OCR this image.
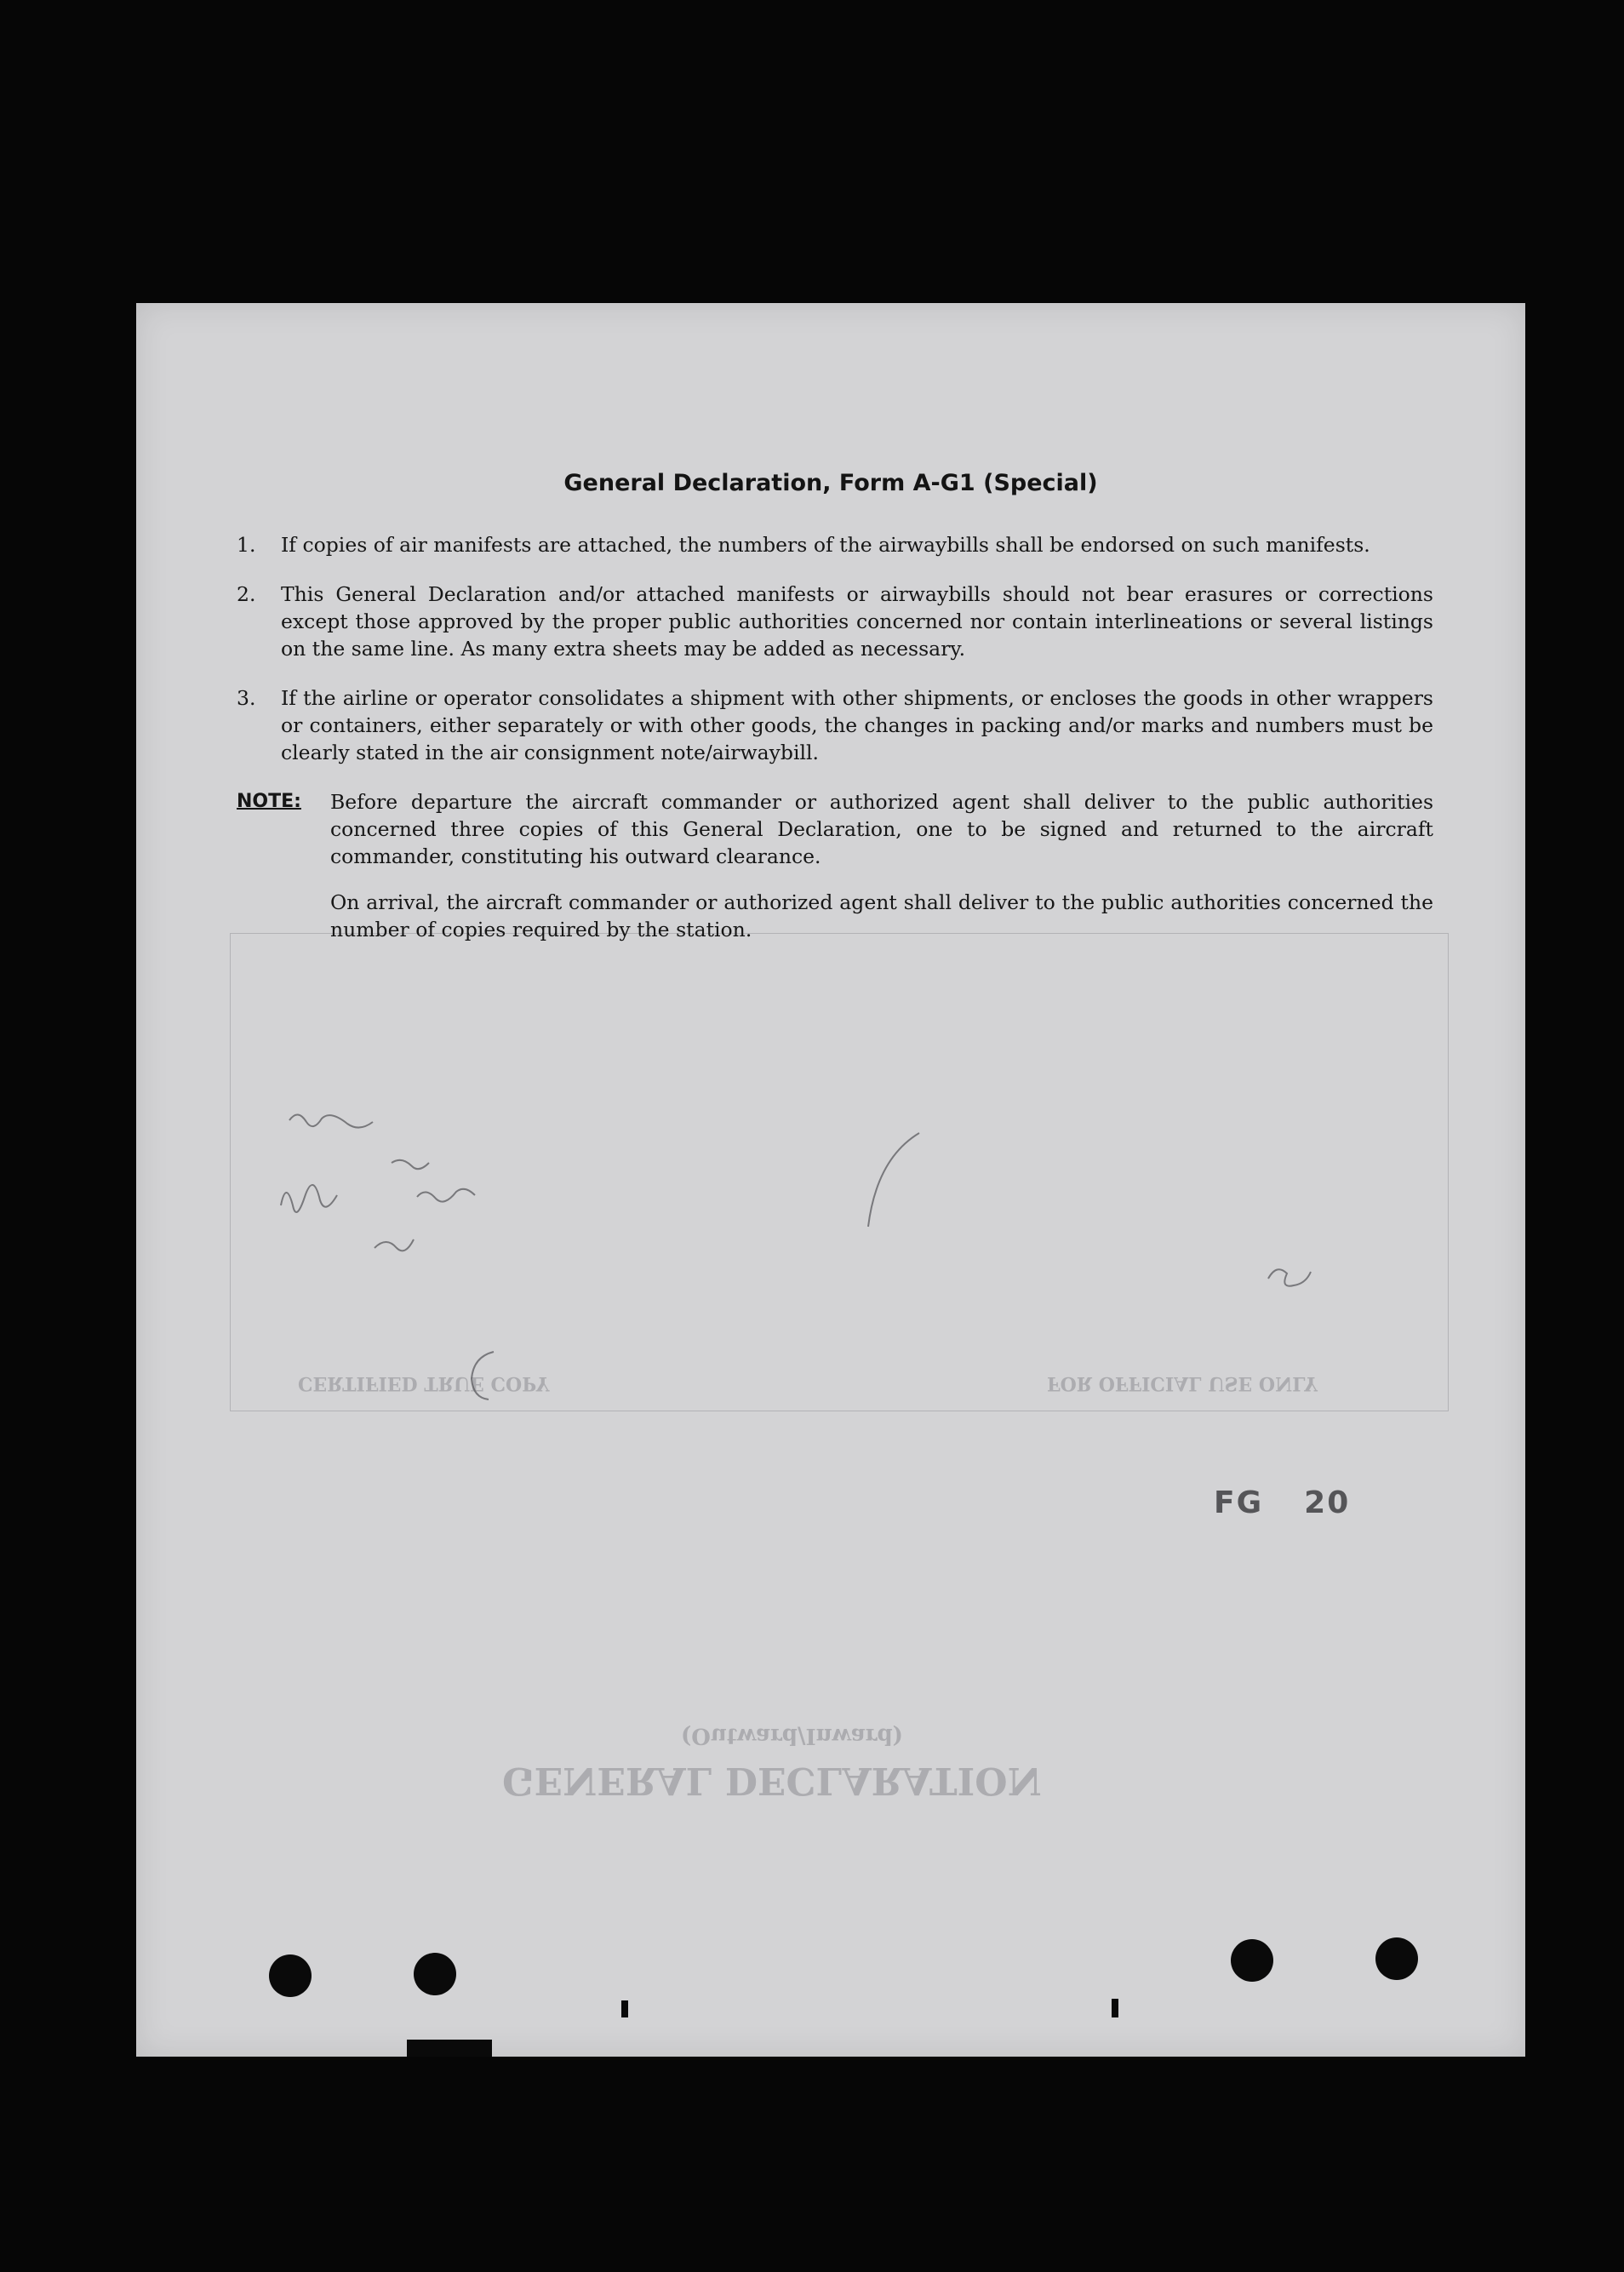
GENERAL DECLARATION
(Outward/Inward)
CERTIFIED TRUE COPY	FOR OFFICIAL USE ONLY
General Declaration, Form A-G1 (Special)
1.	If copies of air manifests are attached, the numbers of the airwaybills shall be endorsed on such manifests.
2.	This General Declaration and/or attached manifests or airwaybills should not bear erasures or corrections except those approved by the proper public authorities concerned nor contain interlineations or several listings on the same line. As many extra sheets may be added as necessary.
3.	If the airline or operator consolidates a shipment with other shipments, or encloses the goods in other wrappers or containers, either separately or with other goods, the changes in packing and/or marks and numbers must be clearly stated in the air consignment note/airwaybill.
NOTE:	Before departure the aircraft commander or authorized agent shall deliver to the public authorities concerned three copies of this General Declaration, one to be signed and returned to the aircraft commander, constituting his outward clearance.

On arrival, the aircraft commander or authorized agent shall deliver to the public authorities concerned the number of copies required by the station.

FG 20
